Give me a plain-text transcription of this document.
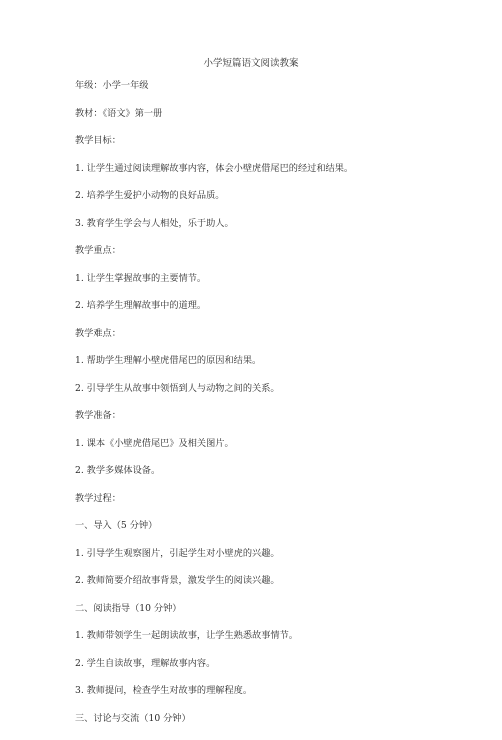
小学短篇语文阅读教案
年级：小学一年级
教材：《语文》第一册
教学目标：
1. 让学生通过阅读理解故事内容，体会小壁虎借尾巴的经过和结果。
2. 培养学生爱护小动物的良好品质。
3. 教育学生学会与人相处，乐于助人。
教学重点：
1. 让学生掌握故事的主要情节。
2. 培养学生理解故事中的道理。
教学难点：
1. 帮助学生理解小壁虎借尾巴的原因和结果。
2. 引导学生从故事中领悟到人与动物之间的关系。
教学准备：
1. 课本《小壁虎借尾巴》及相关图片。
2. 教学多媒体设备。
教学过程：
一、导入（5 分钟）
1. 引导学生观察图片，引起学生对小壁虎的兴趣。
2. 教师简要介绍故事背景，激发学生的阅读兴趣。
二、阅读指导（10 分钟）
1. 教师带领学生一起朗读故事，让学生熟悉故事情节。
2. 学生自读故事，理解故事内容。
3. 教师提问，检查学生对故事的理解程度。
三、讨论与交流（10 分钟）
